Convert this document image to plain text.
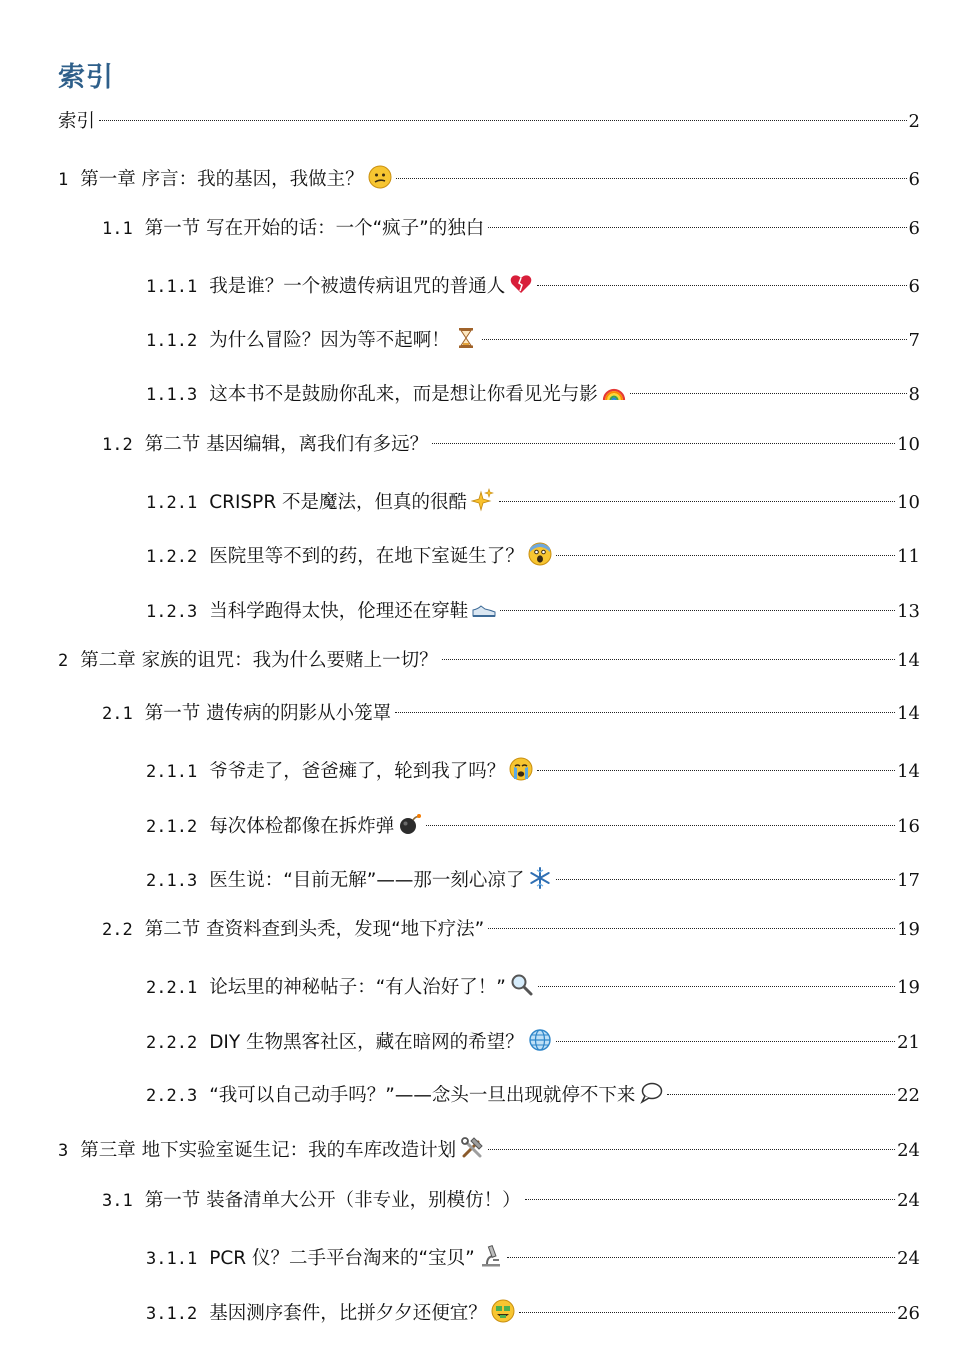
索引
索引	2
1 第一章 序言：我的基因，我做主？	6
1.1 第一节 写在开始的话：一个“疯子”的独白	6
1.1.1 我是谁？一个被遗传病诅咒的普通人	6
1.1.2 为什么冒险？因为等不起啊！	7
1.1.3 这本书不是鼓励你乱来，而是想让你看见光与影	8
1.2 第二节 基因编辑，离我们有多远？	10
1.2.1 CRISPR 不是魔法，但真的很酷	10
1.2.2 医院里等不到的药，在地下室诞生了？	11
1.2.3 当科学跑得太快，伦理还在穿鞋	13
2 第二章 家族的诅咒：我为什么要赌上一切？	14
2.1 第一节 遗传病的阴影从小笼罩	14
2.1.1 爷爷走了，爸爸瘫了，轮到我了吗？	14
2.1.2 每次体检都像在拆炸弹	16
2.1.3 医生说：“目前无解”——那一刻心凉了	17
2.2 第二节 查资料查到头秃，发现“地下疗法”	19
2.2.1 论坛里的神秘帖子：“有人治好了！”	19
2.2.2 DIY 生物黑客社区，藏在暗网的希望？	21
2.2.3 “我可以自己动手吗？”——念头一旦出现就停不下来	22
3 第三章 地下实验室诞生记：我的车库改造计划	24
3.1 第一节 装备清单大公开（非专业，别模仿！）	24
3.1.1 PCR 仪？二手平台淘来的“宝贝”	24
3.1.2 基因测序套件，比拼夕夕还便宜？	26
